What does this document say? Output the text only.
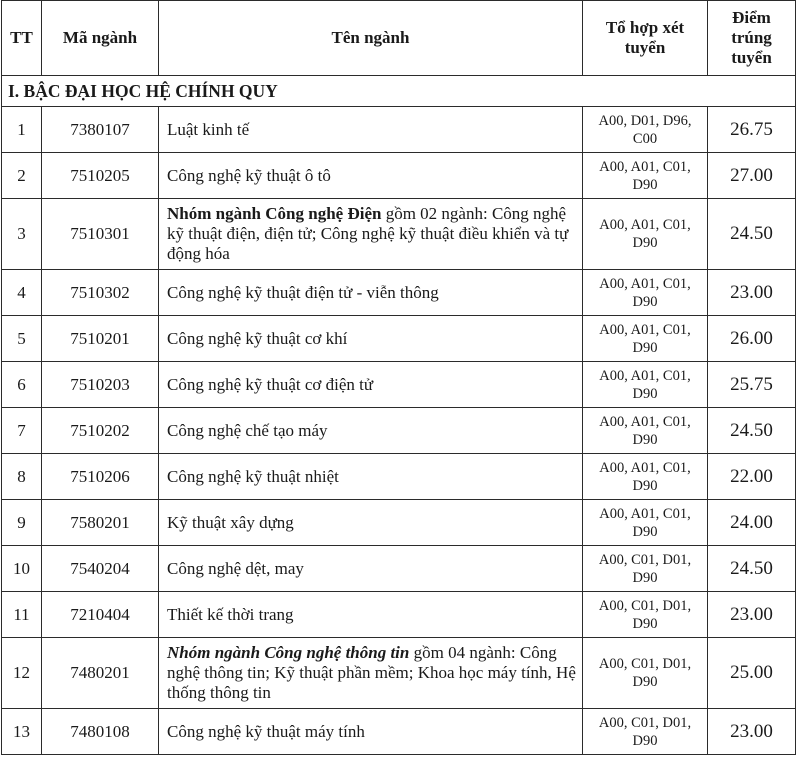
TT	Mã ngành	Tên ngành	Tổ hợp xét tuyển	Điểm trúng tuyển
I. BẬC ĐẠI HỌC HỆ CHÍNH QUY				
1	7380107	Luật kinh tế	A00, D01, D96, C00	26.75
2	7510205	Công nghệ kỹ thuật ô tô	A00, A01, C01, D90	27.00
3	7510301	Nhóm ngành Công nghệ Điện gồm 02 ngành: Công nghệ kỹ thuật điện, điện tử; Công nghệ kỹ thuật điều khiển và tự động hóa	A00, A01, C01, D90	24.50
4	7510302	Công nghệ kỹ thuật điện tử - viễn thông	A00, A01, C01, D90	23.00
5	7510201	Công nghệ kỹ thuật cơ khí	A00, A01, C01, D90	26.00
6	7510203	Công nghệ kỹ thuật cơ điện tử	A00, A01, C01, D90	25.75
7	7510202	Công nghệ chế tạo máy	A00, A01, C01, D90	24.50
8	7510206	Công nghệ kỹ thuật nhiệt	A00, A01, C01, D90	22.00
9	7580201	Kỹ thuật xây dựng	A00, A01, C01, D90	24.00
10	7540204	Công nghệ dệt, may	A00, C01, D01, D90	24.50
11	7210404	Thiết kế thời trang	A00, C01, D01, D90	23.00
12	7480201	Nhóm ngành Công nghệ thông tin gồm 04 ngành: Công nghệ thông tin; Kỹ thuật phần mềm; Khoa học máy tính, Hệ thống thông tin	A00, C01, D01, D90	25.00
13	7480108	Công nghệ kỹ thuật máy tính	A00, C01, D01, D90	23.00
